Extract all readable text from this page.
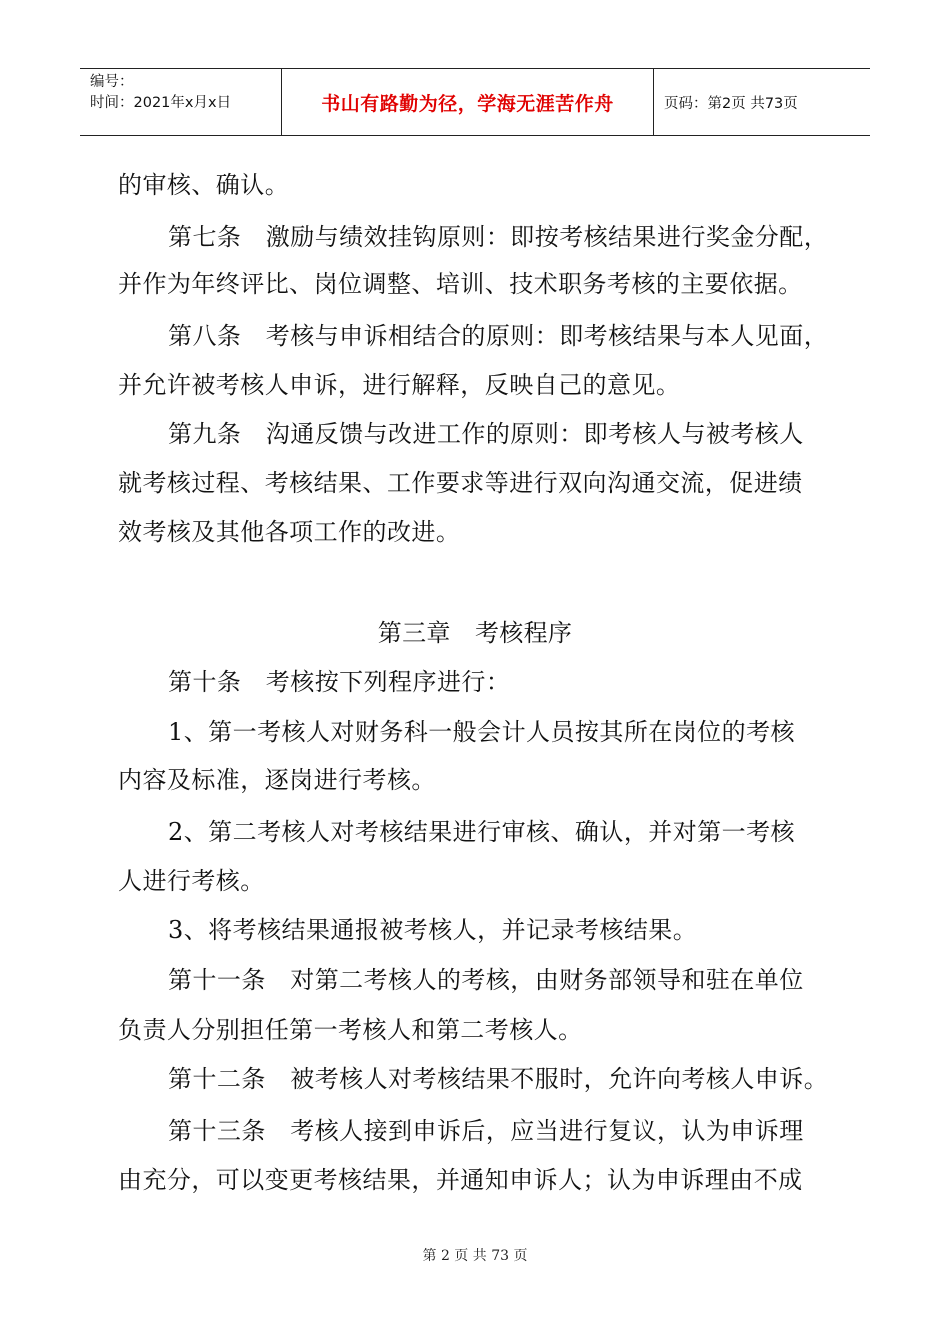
编号：
时间：2021年x月x日	书山有路勤为径，学海无涯苦作舟	页码：第2页 共73页
的审核、确认。
第七条　激励与绩效挂钩原则：即按考核结果进行奖金分配，
并作为年终评比、岗位调整、培训、技术职务考核的主要依据。
第八条　考核与申诉相结合的原则：即考核结果与本人见面，
并允许被考核人申诉，进行解释，反映自己的意见。
第九条　沟通反馈与改进工作的原则：即考核人与被考核人
就考核过程、考核结果、工作要求等进行双向沟通交流，促进绩
效考核及其他各项工作的改进。
第三章　考核程序
第十条　考核按下列程序进行：
1、第一考核人对财务科一般会计人员按其所在岗位的考核
内容及标准，逐岗进行考核。
2、第二考核人对考核结果进行审核、确认，并对第一考核
人进行考核。
3、将考核结果通报被考核人，并记录考核结果。
第十一条　对第二考核人的考核，由财务部领导和驻在单位
负责人分别担任第一考核人和第二考核人。
第十二条　被考核人对考核结果不服时，允许向考核人申诉。
第十三条　考核人接到申诉后，应当进行复议，认为申诉理
由充分，可以变更考核结果，并通知申诉人；认为申诉理由不成
第 2 页 共 73 页
